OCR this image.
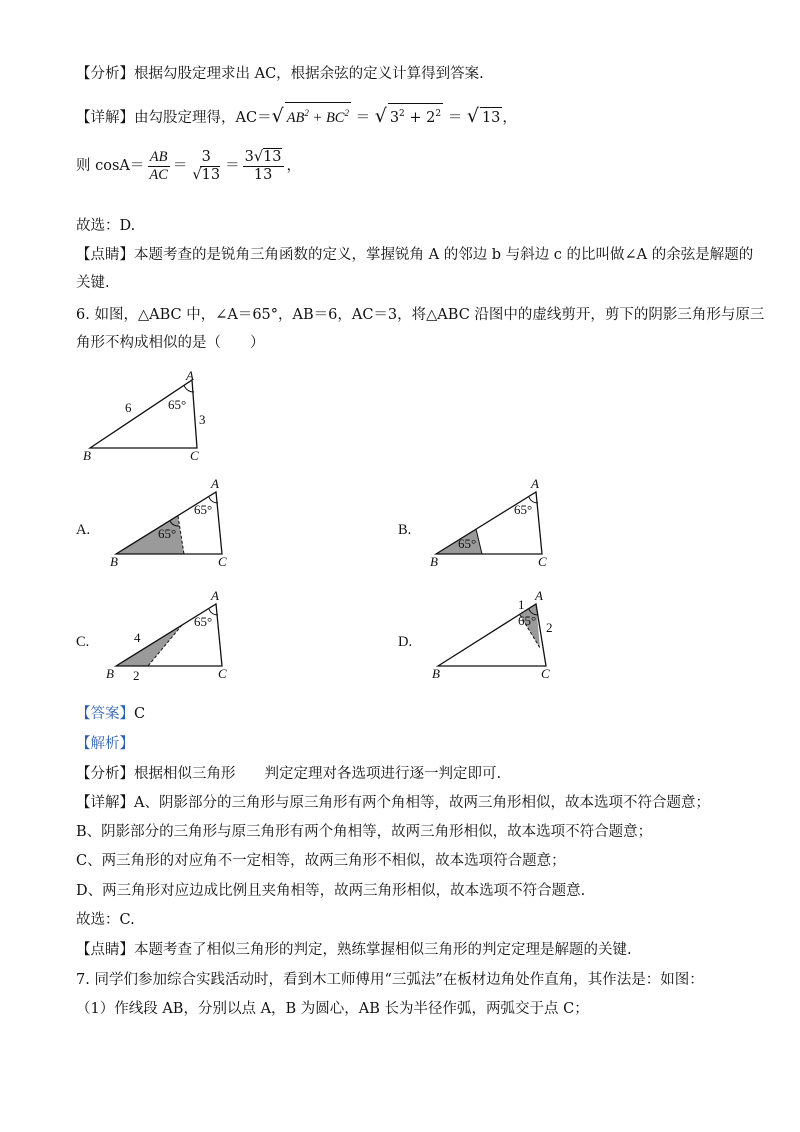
【分析】根据勾股定理求出 AC，根据余弦的定义计算得到答案.
【详解】由勾股定理得，AC＝√ $AB^2 + BC^2$ ＝ √ $3^2 + 2^2$ ＝ √ 13 ，
则 $\cos A= \frac{AB}{AC} = \frac{3}{√13} = \frac{3√13}{13}$ ，
故选：D.
【点睛】本题考查的是锐角三角函数的定义，掌握锐角 A 的邻边 b 与斜边 c 的比叫做∠A 的余弦是解题的
关键.
6. 如图，△ABC 中，∠A＝65°，AB＝6，AC＝3，将△ABC 沿图中的虚线剪开，剪下的阴影三角形与原三
角形不构成相似的是（　　）
A
B	C
65°
6
3
A.
A
B	C
65°
65°	B.
A
B	C
65°
65°
C.
A
B	C
65°
4
2
D.
A
B	C
65°
1
2
【答案】C
【解析】
【分析】根据相似三角形　　判定定理对各选项进行逐一判定即可.
【详解】A、阴影部分的三角形与原三角形有两个角相等，故两三角形相似，故本选项不符合题意；
B、阴影部分的三角形与原三角形有两个角相等，故两三角形相似，故本选项不符合题意；
C、两三角形的对应角不一定相等，故两三角形不相似，故本选项符合题意；
D、两三角形对应边成比例且夹角相等，故两三角形相似，故本选项不符合题意.
故选：C.
【点睛】本题考查了相似三角形的判定，熟练掌握相似三角形的判定定理是解题的关键.
7. 同学们参加综合实践活动时，看到木工师傅用“三弧法”在板材边角处作直角，其作法是：如图：
（1）作线段 AB，分别以点 A，B 为圆心，AB 长为半径作弧，两弧交于点 C；
